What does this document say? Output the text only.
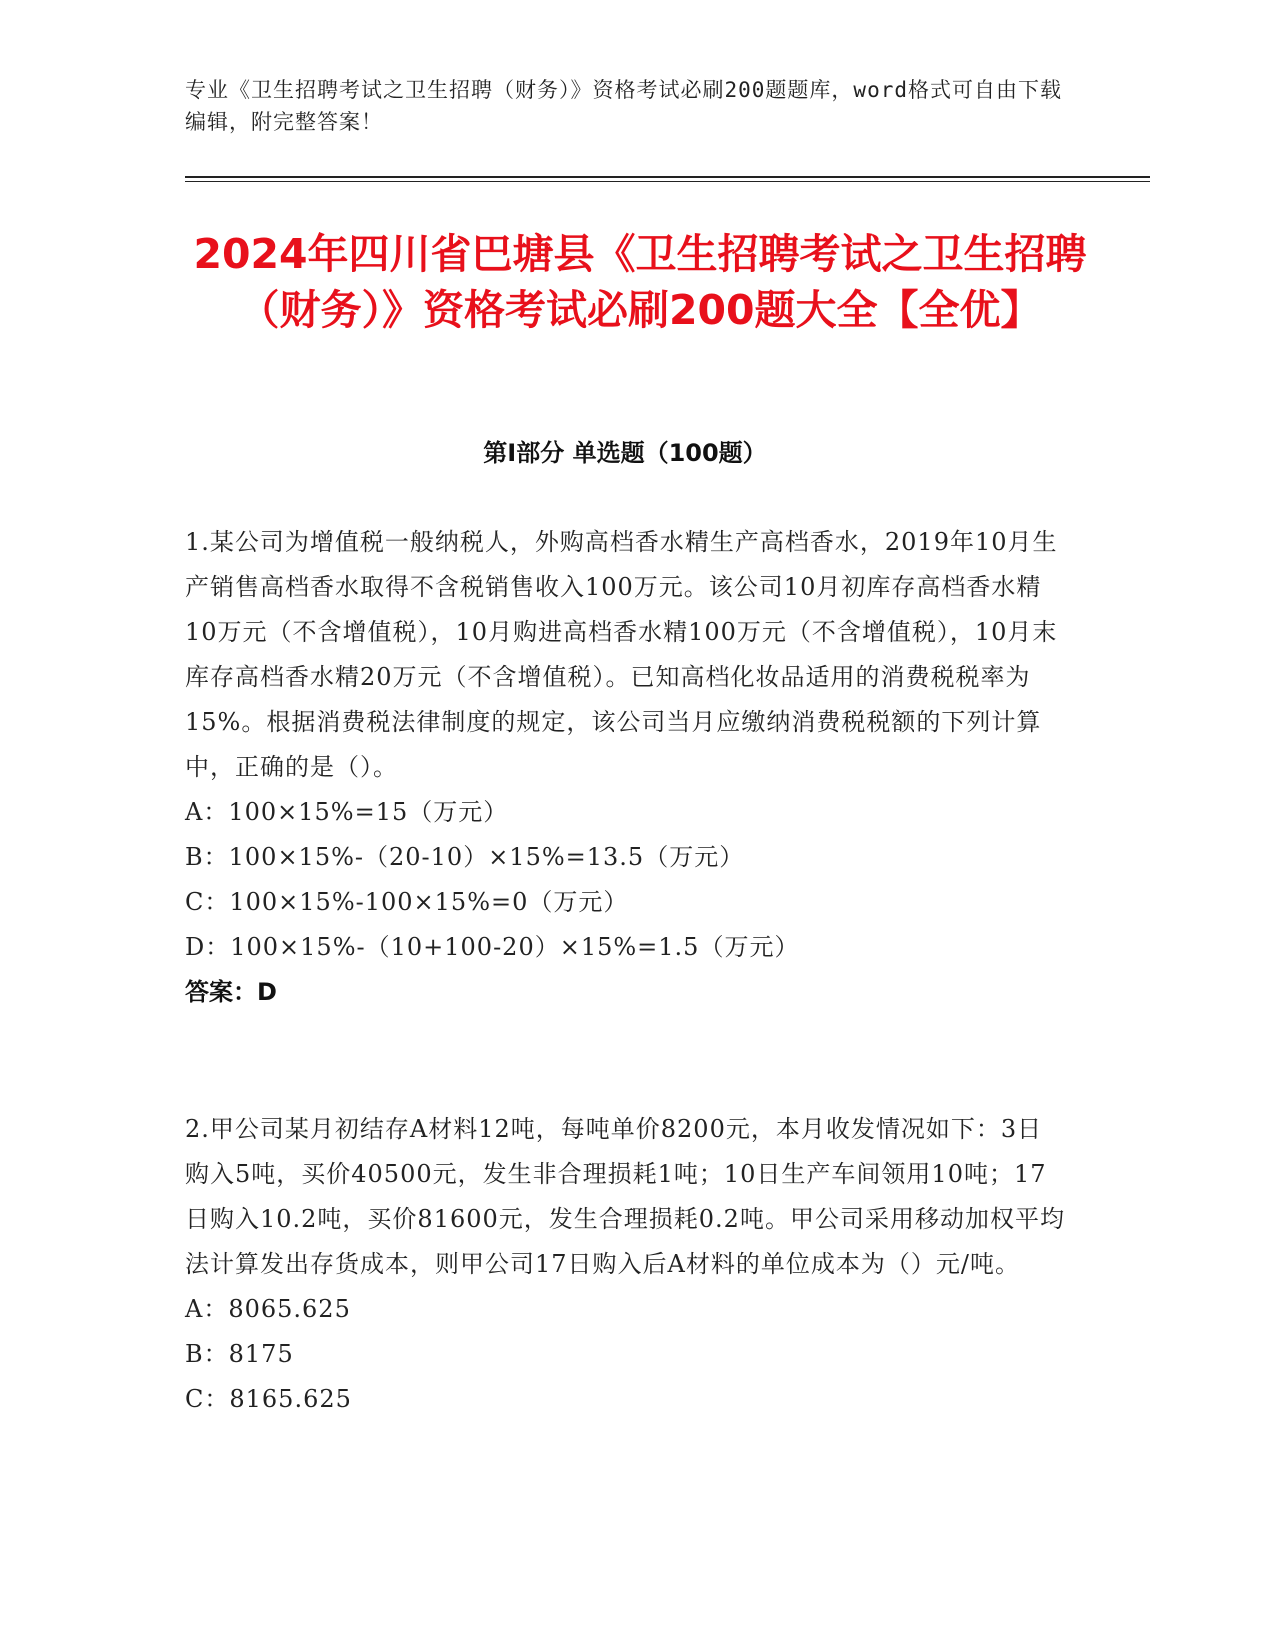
专业《卫生招聘考试之卫生招聘（财务）》资格考试必刷200题题库，word格式可自由下载编辑，附完整答案！
2024年四川省巴塘县《卫生招聘考试之卫生招聘（财务）》资格考试必刷200题大全【全优】
第I部分 单选题（100题）

1.某公司为增值税一般纳税人，外购高档香水精生产高档香水，2019年10月生产销售高档香水取得不含税销售收入100万元。该公司10月初库存高档香水精10万元（不含增值税），10月购进高档香水精100万元（不含增值税），10月末库存高档香水精20万元（不含增值税）。已知高档化妆品适用的消费税税率为15%。根据消费税法律制度的规定，该公司当月应缴纳消费税税额的下列计算中，正确的是（）。

A：100×15%=15（万元）

B：100×15%-（20-10）×15%=13.5（万元）

C：100×15%-100×15%=0（万元）

D：100×15%-（10+100-20）×15%=1.5（万元）

答案：D

2.甲公司某月初结存A材料12吨，每吨单价8200元，本月收发情况如下：3日购入5吨，买价40500元，发生非合理损耗1吨；10日生产车间领用10吨；17日购入10.2吨，买价81600元，发生合理损耗0.2吨。甲公司采用移动加权平均法计算发出存货成本，则甲公司17日购入后A材料的单位成本为（）元/吨。

A：8065.625

B：8175

C：8165.625
